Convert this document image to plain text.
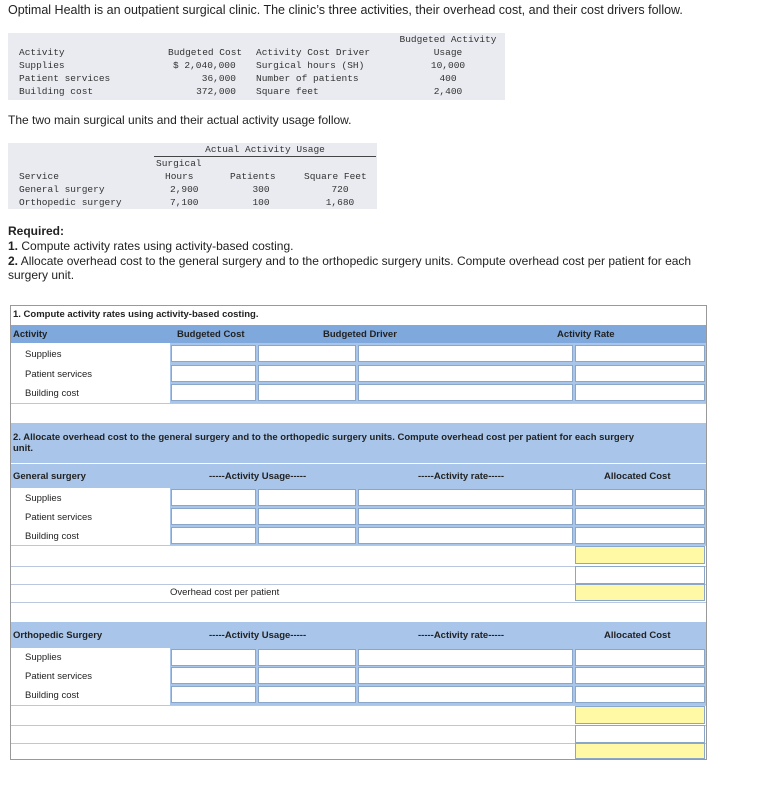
Optimal Health is an outpatient surgical clinic. The clinic’s three activities, their overhead cost, and their cost drivers follow.
Activity	Budgeted Cost Activity Cost Driver
Budgeted Activity
Usage
Supplies	$ 2,040,000 Surgical hours (SH)	10,000
Patient services	36,000 Number of patients	400
Building cost	372,000 Square feet	2,400
The two main surgical units and their actual activity usage follow.
Actual Activity Usage
Surgical
Service	Hours	Patients	Square Feet
General surgery	2,900	300	720
Orthopedic surgery	7,100	100	1,680
Required:
1. Compute activity rates using activity-based costing.
2. Allocate overhead cost to the general surgery and to the orthopedic surgery units. Compute overhead cost per patient for each
surgery unit.
1. Compute activity rates using activity-based costing.
Activity	Budgeted Cost	Budgeted Driver	Activity Rate
Supplies
Patient services
Building cost
2. Allocate overhead cost to the general surgery and to the orthopedic surgery units. Compute overhead cost per patient for each surgery
unit.
General surgery	-----Activity Usage-----	-----Activity rate-----	Allocated Cost
Supplies
Patient services
Building cost
Overhead cost per patient
Orthopedic Surgery	-----Activity Usage-----	-----Activity rate-----	Allocated Cost
Supplies
Patient services
Building cost
